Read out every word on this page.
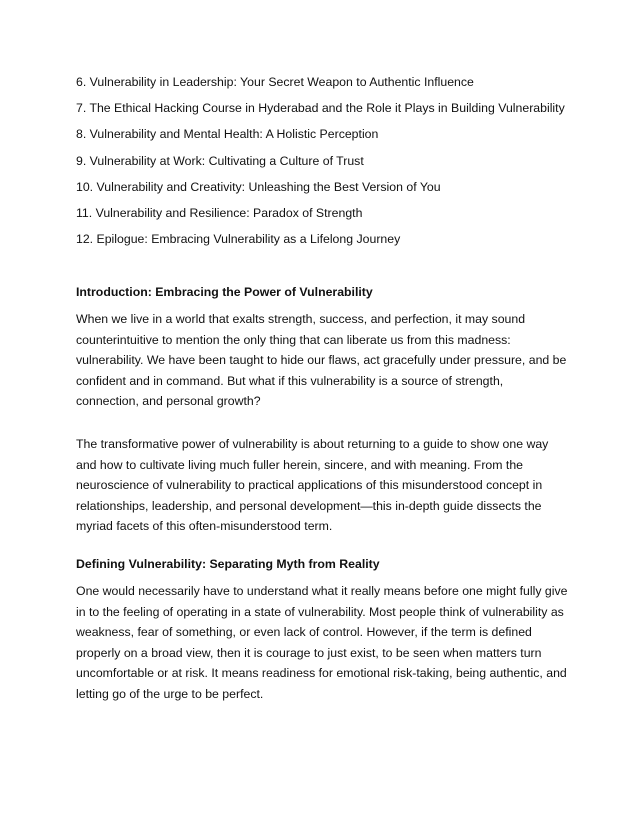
6. Vulnerability in Leadership: Your Secret Weapon to Authentic Influence
7. The Ethical Hacking Course in Hyderabad and the Role it Plays in Building Vulnerability
8. Vulnerability and Mental Health: A Holistic Perception
9. Vulnerability at Work: Cultivating a Culture of Trust
10. Vulnerability and Creativity: Unleashing the Best Version of You
11. Vulnerability and Resilience: Paradox of Strength
12. Epilogue: Embracing Vulnerability as a Lifelong Journey
Introduction: Embracing the Power of Vulnerability

When we live in a world that exalts strength, success, and perfection, it may sound counterintuitive to mention the only thing that can liberate us from this madness: vulnerability. We have been taught to hide our flaws, act gracefully under pressure, and be confident and in command. But what if this vulnerability is a source of strength, connection, and personal growth?

The transformative power of vulnerability is about returning to a guide to show one way and how to cultivate living much fuller herein, sincere, and with meaning. From the neuroscience of vulnerability to practical applications of this misunderstood concept in relationships, leadership, and personal development—this in-depth guide dissects the myriad facets of this often-misunderstood term.

Defining Vulnerability: Separating Myth from Reality

One would necessarily have to understand what it really means before one might fully give in to the feeling of operating in a state of vulnerability. Most people think of vulnerability as weakness, fear of something, or even lack of control. However, if the term is defined properly on a broad view, then it is courage to just exist, to be seen when matters turn uncomfortable or at risk. It means readiness for emotional risk-taking, being authentic, and letting go of the urge to be perfect.
